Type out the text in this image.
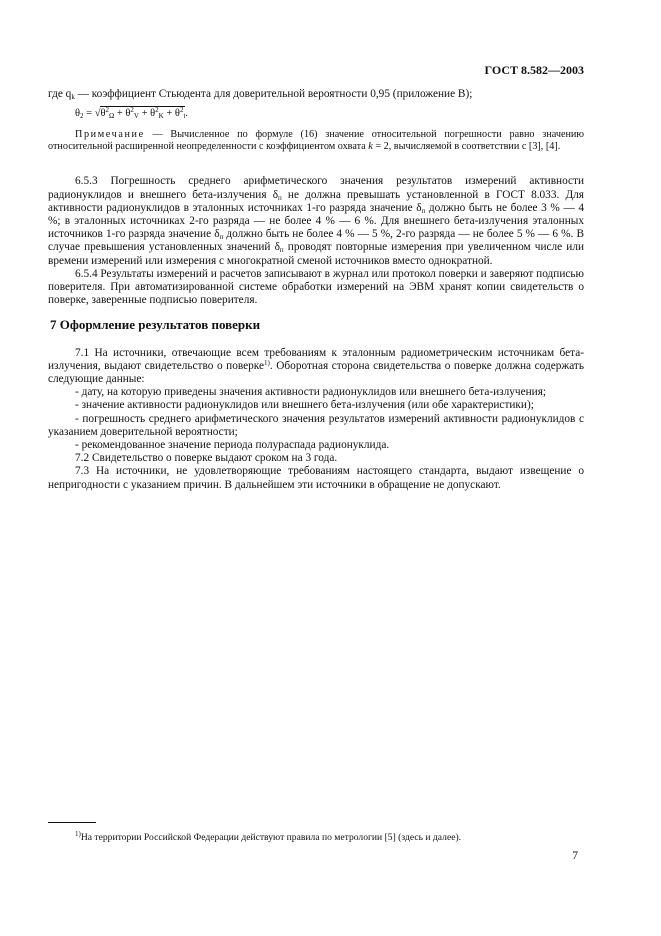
ГОСТ 8.582—2003

где $q_k$ — коэффициент Стьюдента для доверительной вероятности 0,95 (приложение В);

$\theta_2 = √\theta^2_\Omega + \theta^2_V + \theta^2_K + \theta^2_t$.

Примечание — Вычисленное по формуле (16) значение относительной погрешности равно значению относительной расширенной неопределенности с коэффициентом охвата k = 2, вычисляемой в соответствии с [3], [4].

6.5.3 Погрешность среднего арифметического значения результатов измерений активности радионуклидов и внешнего бета-излучения $\delta_п$ не должна превышать установленной в ГОСТ 8.033. Для активности радионуклидов в эталонных источниках 1-го разряда значение $\delta_п$ должно быть не более 3 % — 4 %; в эталонных источниках 2-го разряда — не более 4 % — 6 %. Для внешнего бета-излучения эталонных источников 1-го разряда значение $\delta_п$ должно быть не более 4 % — 5 %, 2-го разряда — не более 5 % — 6 %. В случае превышения установленных значений $\delta_п$ проводят повторные измерения при увеличенном числе или времени измерений или измерения с многократной сменой источников вместо однократной.

6.5.4 Результаты измерений и расчетов записывают в журнал или протокол поверки и заверяют подписью поверителя. При автоматизированной системе обработки измерений на ЭВМ хранят копии свидетельств о поверке, заверенные подписью поверителя.

7 Оформление результатов поверки

7.1 На источники, отвечающие всем требованиям к эталонным радиометрическим источникам бета-излучения, выдают свидетельство о поверке$^{1)}$. Оборотная сторона свидетельства о поверке должна содержать следующие данные:

- дату, на которую приведены значения активности радионуклидов или внешнего бета-излучения;

- значение активности радионуклидов или внешнего бета-излучения (или обе характеристики);

- погрешность среднего арифметического значения результатов измерений активности радионуклидов с указанием доверительной вероятности;

- рекомендованное значение периода полураспада радионуклида.

7.2 Свидетельство о поверке выдают сроком на 3 года.

7.3 На источники, не удовлетворяющие требованиям настоящего стандарта, выдают извещение о непригодности с указанием причин. В дальнейшем эти источники в обращение не допускают.

$^{1)}$На территории Российской Федерации действуют правила по метрологии [5] (здесь и далее).
7
